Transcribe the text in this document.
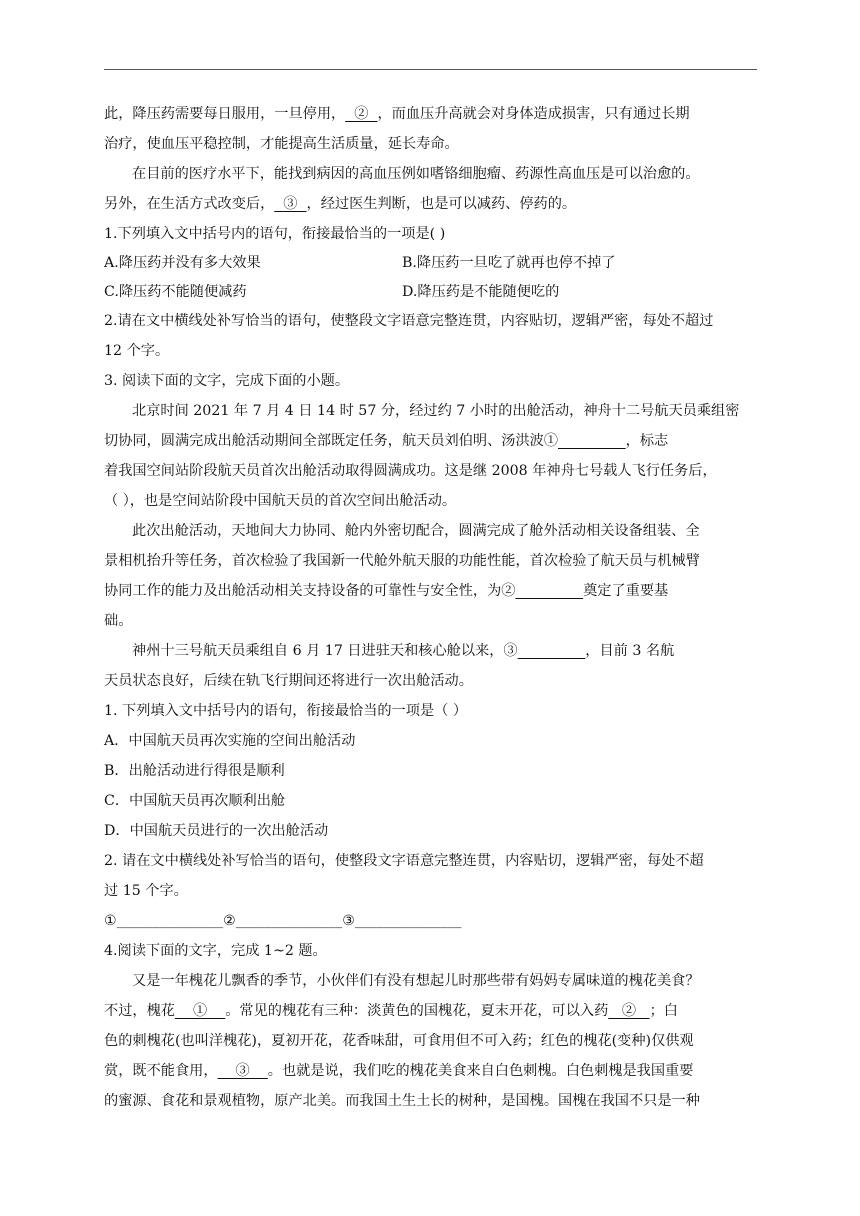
此，降压药需要每日服用，一旦停用，  ②  ，而血压升高就会对身体造成损害，只有通过长期
治疗，使血压平稳控制，才能提高生活质量，延长寿命。
在目前的医疗水平下，能找到病因的高血压例如嗜铬细胞瘤、药源性高血压是可以治愈的。
另外，在生活方式改变后，  ③  ，经过医生判断，也是可以减药、停药的。
1.下列填入文中括号内的语句，衔接最恰当的一项是( )
A.降压药并没有多大效果	B.降压药一旦吃了就再也停不掉了
C.降压药不能随便减药	D.降压药是不能随便吃的
2.请在文中横线处补写恰当的语句，使整段文字语意完整连贯，内容贴切，逻辑严密，每处不超过
12 个字。
3. 阅读下面的文字，完成下面的小题。
北京时间 2021 年 7 月 4 日 14 时 57 分，经过约 7 小时的出舱活动，神舟十二号航天员乘组密
切协同，圆满完成出舱活动期间全部既定任务，航天员刘伯明、汤洪波①	，标志
着我国空间站阶段航天员首次出舱活动取得圆满成功。这是继 2008 年神舟七号载人飞行任务后，
（ ），也是空间站阶段中国航天员的首次空间出舱活动。
此次出舱活动，天地间大力协同、舱内外密切配合，圆满完成了舱外活动相关设备组装、全
景相机抬升等任务，首次检验了我国新一代舱外航天服的功能性能，首次检验了航天员与机械臂
协同工作的能力及出舱活动相关支持设备的可靠性与安全性，为②	奠定了重要基
础。
神州十三号航天员乘组自 6 月 17 日进驻天和核心舱以来，③	，目前 3 名航
天员状态良好，后续在轨飞行期间还将进行一次出舱活动。
1. 下列填入文中括号内的语句，衔接最恰当的一项是（ ）
A．中国航天员再次实施的空间出舱活动
B．出舱活动进行得很是顺利
C．中国航天员再次顺利出舱
D．中国航天员进行的一次出舱活动
2. 请在文中横线处补写恰当的语句，使整段文字语意完整连贯，内容贴切，逻辑严密，每处不超
过 15 个字。
①_______________②_______________③_______________
4.阅读下面的文字，完成 1~2 题。
又是一年槐花儿飘香的季节，小伙伴们有没有想起儿时那些带有妈妈专属味道的槐花美食？
不过，槐花    ①    。常见的槐花有三种：淡黄色的国槐花，夏末开花，可以入药   ②   ；白
色的刺槐花(也叫洋槐花)，夏初开花，花香味甜，可食用但不可入药；红色的槐花(变种)仅供观
赏，既不能食用，    ③    。也就是说，我们吃的槐花美食来自白色刺槐。白色刺槐是我国重要
的蜜源、食花和景观植物，原产北美。而我国土生土长的树种，是国槐。国槐在我国不只是一种
